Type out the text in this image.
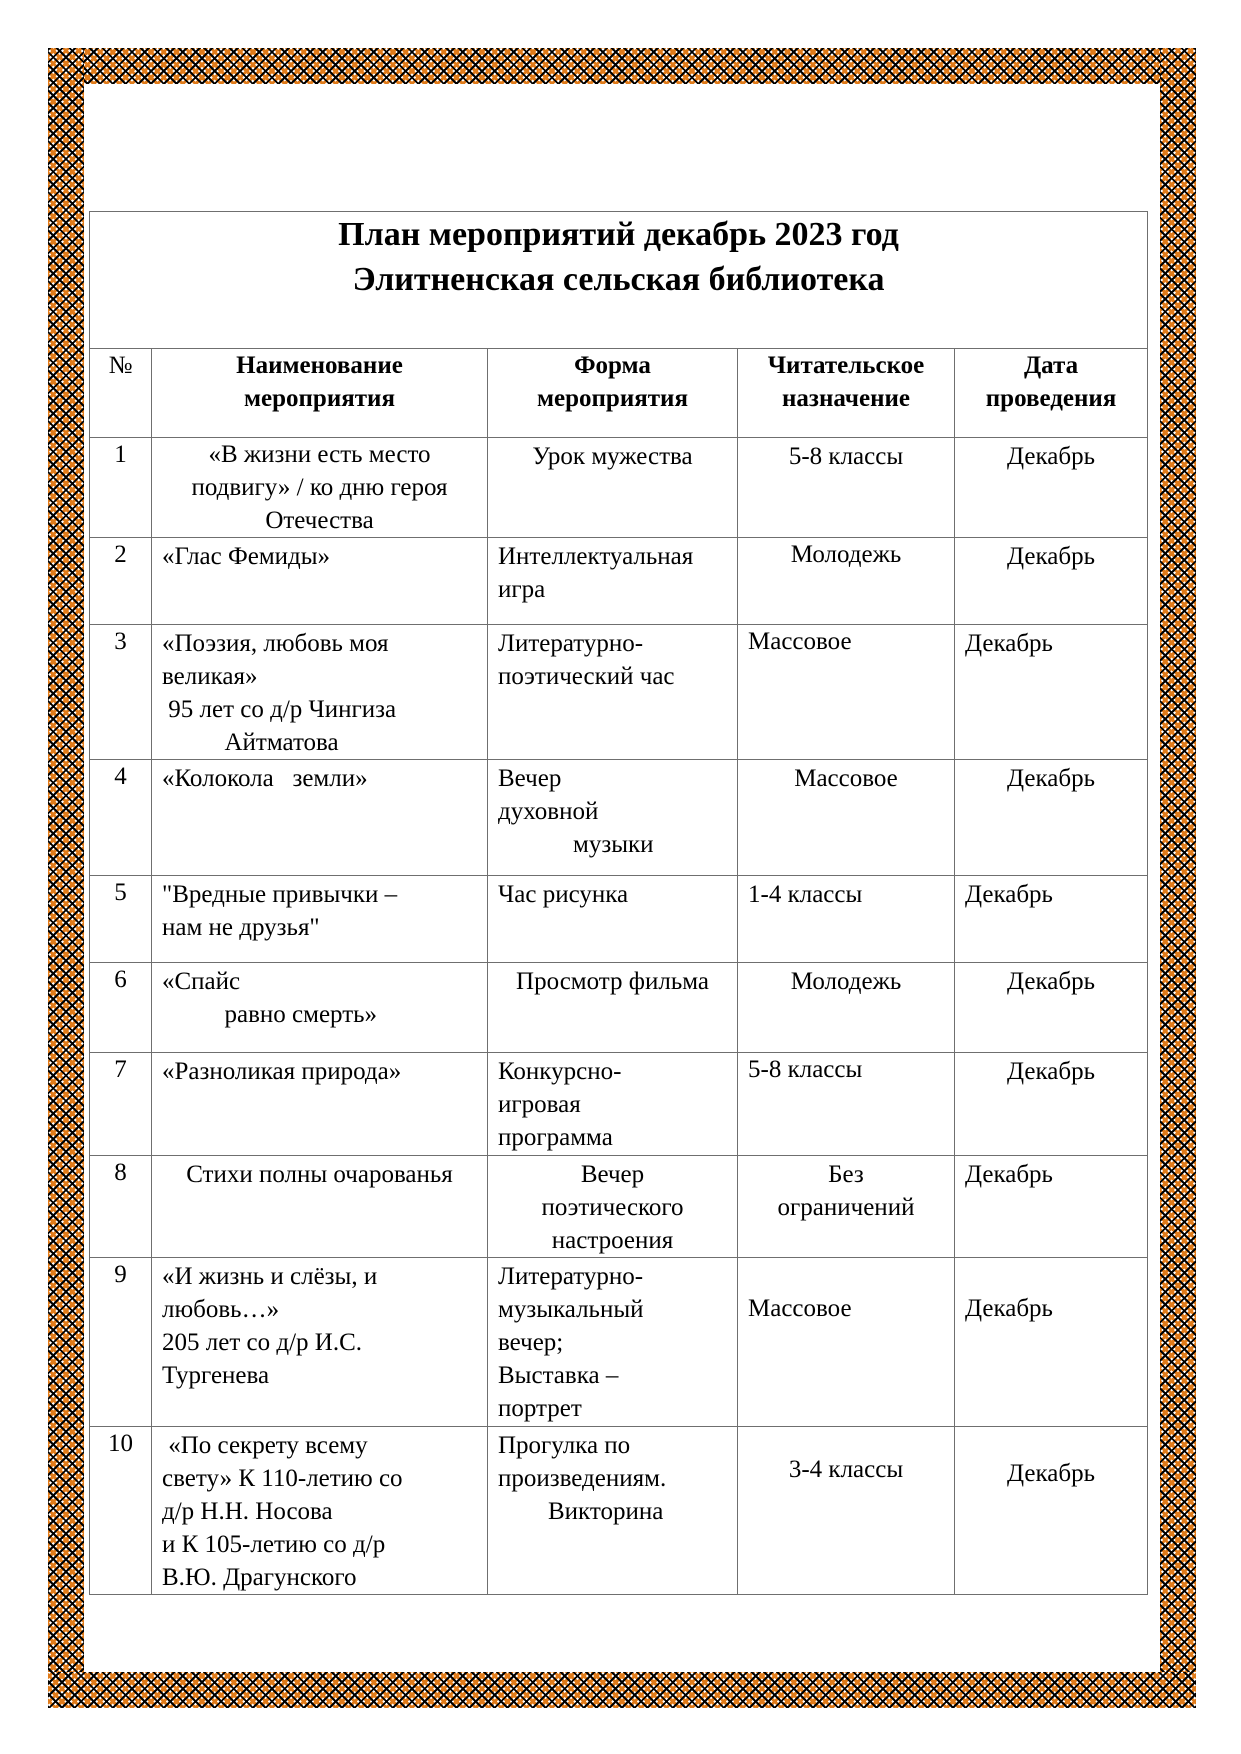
План мероприятий декабрь 2023 год
Элитненская сельская библиотека				

№	Наименование
мероприятия	Форма
мероприятия	Читательское
назначение	Дата
проведения
1	«В жизни есть место
подвигу» / ко дню героя
Отечества	Урок мужества	5-8 классы	Декабрь
2	«Глас Фемиды»	Интеллектуальная
игра	Молодежь	Декабрь
3	«Поэзия, любовь моя
великая»
95 лет со д/р Чингиза
Айтматова	Литературно-
поэтический час	Массовое	Декабрь
4	«Колокола   земли»	Вечер
духовной
музыки	Массовое	Декабрь
5	"Вредные привычки –
нам не друзья"	Час рисунка	1-4 классы	Декабрь
6	«Спайс
равно смерть»	Просмотр фильма	Молодежь	Декабрь
7	«Разноликая природа»	Конкурсно-
игровая
программа	5-8 классы	Декабрь
8	Стихи полны очарованья	Вечер
поэтического
настроения	Без
ограничений	Декабрь
9	«И жизнь и слёзы, и
любовь…»
205 лет со д/р И.С.
Тургенева	Литературно-
музыкальный
вечер;
Выставка –
портрет	Массовое	Декабрь
10	«По секрету всему
свету» К 110-летию со
д/р Н.Н. Носова
и К 105-летию со д/р
В.Ю. Драгунского	Прогулка по
произведениям.
Викторина	3-4 классы	Декабрь
